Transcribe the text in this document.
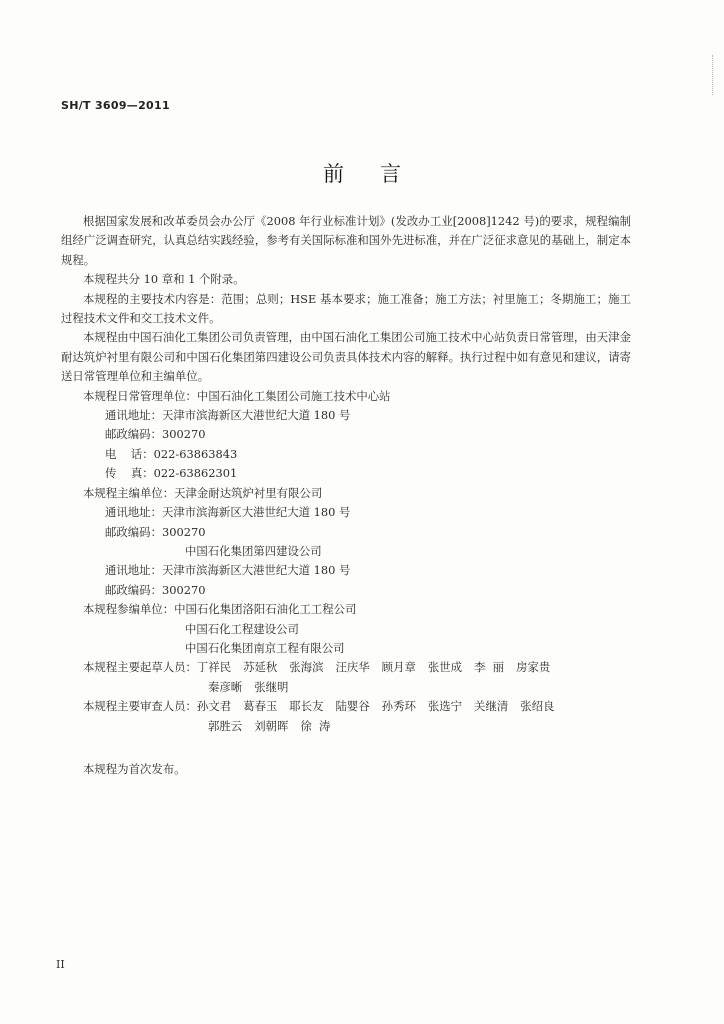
SH/T 3609—2011
前言

根据国家发展和改革委员会办公厅《2008 年行业标准计划》(发改办工业[2008]1242 号)的要求，规程编制组经广泛调查研究，认真总结实践经验，参考有关国际标准和国外先进标准，并在广泛征求意见的基础上，制定本规程。

本规程共分 10 章和 1 个附录。

本规程的主要技术内容是：范围；总则；HSE 基本要求；施工准备；施工方法；衬里施工；冬期施工；施工过程技术文件和交工技术文件。

本规程由中国石油化工集团公司负责管理，由中国石油化工集团公司施工技术中心站负责日常管理，由天津金耐达筑炉衬里有限公司和中国石化集团第四建设公司负责具体技术内容的解释。执行过程中如有意见和建议，请寄送日常管理单位和主编单位。

本规程日常管理单位： 中国石油化工集团公司施工技术中心站
通讯地址： 天津市滨海新区大港世纪大道 180 号
邮政编码： 300270
电    话： 022-63863843
传    真： 022-63862301
本规程主编单位： 天津金耐达筑炉衬里有限公司
通讯地址： 天津市滨海新区大港世纪大道 180 号
邮政编码： 300270
中国石化集团第四建设公司
通讯地址： 天津市滨海新区大港世纪大道 180 号
邮政编码： 300270
本规程参编单位： 中国石化集团洛阳石油化工工程公司
中国石化工程建设公司
中国石化集团南京工程有限公司
本规程主要起草人员： 丁祥民 苏延秋 张海滨 汪庆华 顾月章 张世成 李  丽 房家贵
秦彦晰 张继明
本规程主要审查人员： 孙文君 葛春玉 耶长友 陆婴谷 孙秀环 张选宁 关继清 张绍良
郭胜云 刘朝晖 徐  涛
本规程为首次发布。
II
